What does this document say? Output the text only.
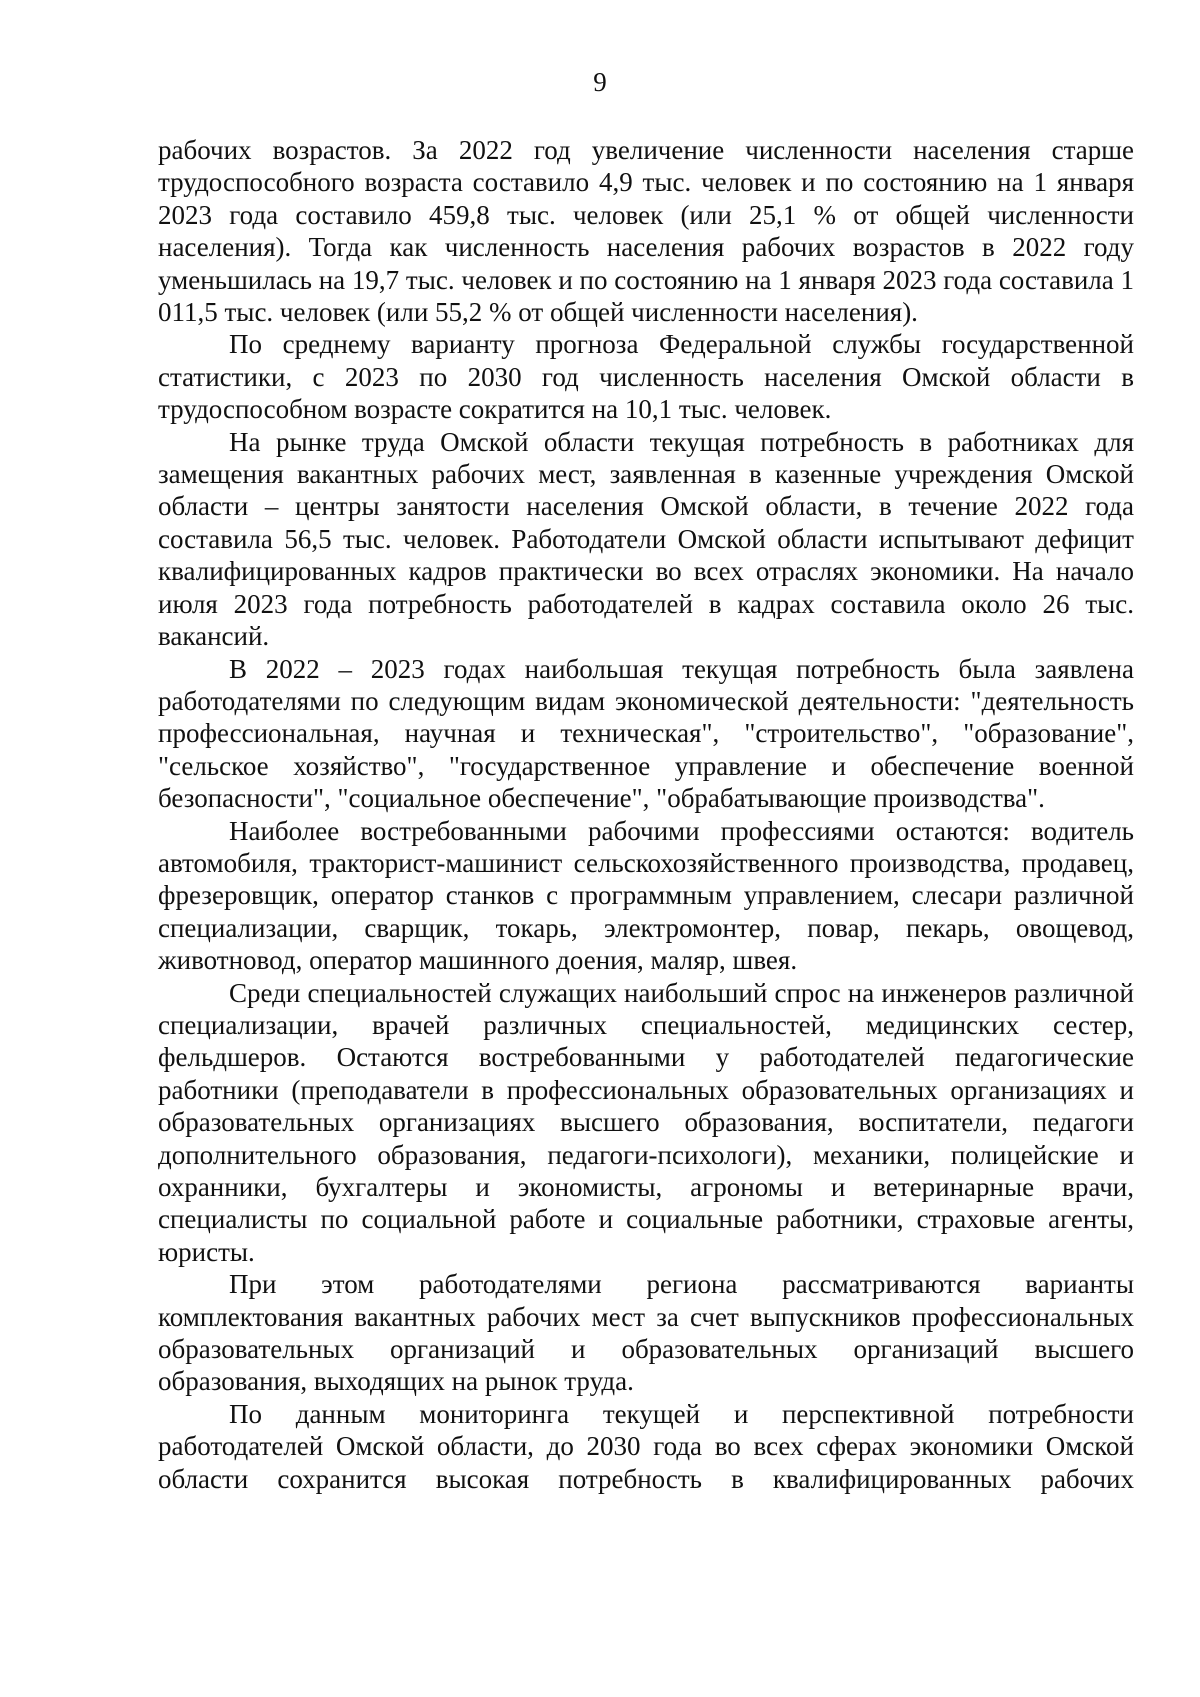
9

рабочих возрастов. За 2022 год увеличение численности населения старше трудоспособного возраста составило 4,9 тыс. человек и по состоянию на 1 января 2023 года составило 459,8 тыс. человек (или 25,1 % от общей численности населения). Тогда как численность населения рабочих возрастов в 2022 году уменьшилась на 19,7 тыс. человек и по состоянию на 1 января 2023 года составила 1 011,5 тыс. человек (или 55,2 % от общей численности населения).

По среднему варианту прогноза Федеральной службы государственной статистики, с 2023 по 2030 год численность населения Омской области в трудоспособном возрасте сократится на 10,1 тыс. человек.

На рынке труда Омской области текущая потребность в работниках для замещения вакантных рабочих мест, заявленная в казенные учреждения Омской области – центры занятости населения Омской области, в течение 2022 года составила 56,5 тыс. человек. Работодатели Омской области испытывают дефицит квалифицированных кадров практически во всех отраслях экономики. На начало июля 2023 года потребность работодателей в кадрах составила около 26 тыс. вакансий.

В 2022 – 2023 годах наибольшая текущая потребность была заявлена работодателями по следующим видам экономической деятельности: "деятельность профессиональная, научная и техническая", "строительство", "образование", "сельское хозяйство", "государственное управление и обеспечение военной безопасности", "социальное обеспечение", "обрабатывающие производства".

Наиболее востребованными рабочими профессиями остаются: водитель автомобиля, тракторист-машинист сельскохозяйственного производства, продавец, фрезеровщик, оператор станков с программным управлением, слесари различной специализации, сварщик, токарь, электромонтер, повар, пекарь, овощевод, животновод, оператор машинного доения, маляр, швея.

Среди специальностей служащих наибольший спрос на инженеров различной специализации, врачей различных специальностей, медицинских сестер, фельдшеров. Остаются востребованными у работодателей педагогические работники (преподаватели в профессиональных образовательных организациях и образовательных организациях высшего образования, воспитатели, педагоги дополнительного образования, педагоги-психологи), механики, полицейские и охранники, бухгалтеры и экономисты, агрономы и ветеринарные врачи, специалисты по социальной работе и социальные работники, страховые агенты, юристы.

При этом работодателями региона рассматриваются варианты комплектования вакантных рабочих мест за счет выпускников профессиональных образовательных организаций и образовательных организаций высшего образования, выходящих на рынок труда.

По данным мониторинга текущей и перспективной потребности работодателей Омской области, до 2030 года во всех сферах экономики Омской области сохранится высокая потребность в квалифицированных рабочих
